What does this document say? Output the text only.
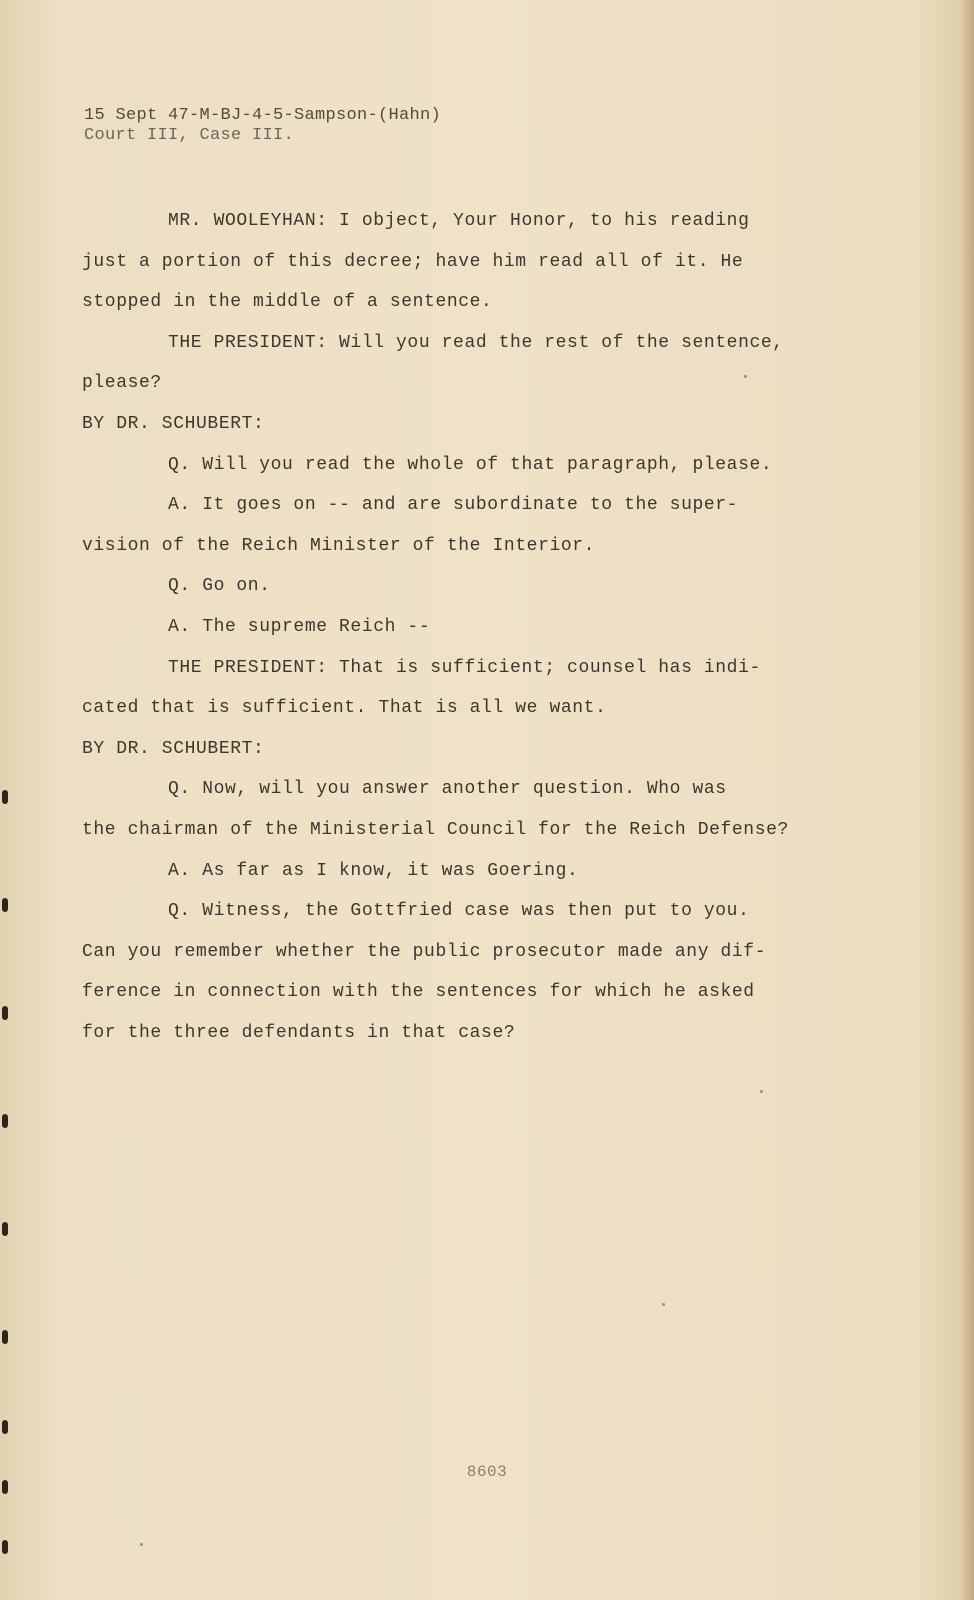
15 Sept 47-M-BJ-4-5-Sampson-(Hahn)
Court III, Case III.
MR. WOOLEYHAN: I object, Your Honor, to his reading
just a portion of this decree; have him read all of it. He
stopped in the middle of a sentence.
THE PRESIDENT: Will you read the rest of the sentence,
please?
BY DR. SCHUBERT:
Q. Will you read the whole of that paragraph, please.
A. It goes on -- and are subordinate to the super-
vision of the Reich Minister of the Interior.
Q. Go on.
A. The supreme Reich --
THE PRESIDENT: That is sufficient; counsel has indi-
cated that is sufficient. That is all we want.
BY DR. SCHUBERT:
Q. Now, will you answer another question. Who was
the chairman of the Ministerial Council for the Reich Defense?
A. As far as I know, it was Goering.
Q. Witness, the Gottfried case was then put to you.
Can you remember whether the public prosecutor made any dif-
ference in connection with the sentences for which he asked
for the three defendants in that case?
8603
